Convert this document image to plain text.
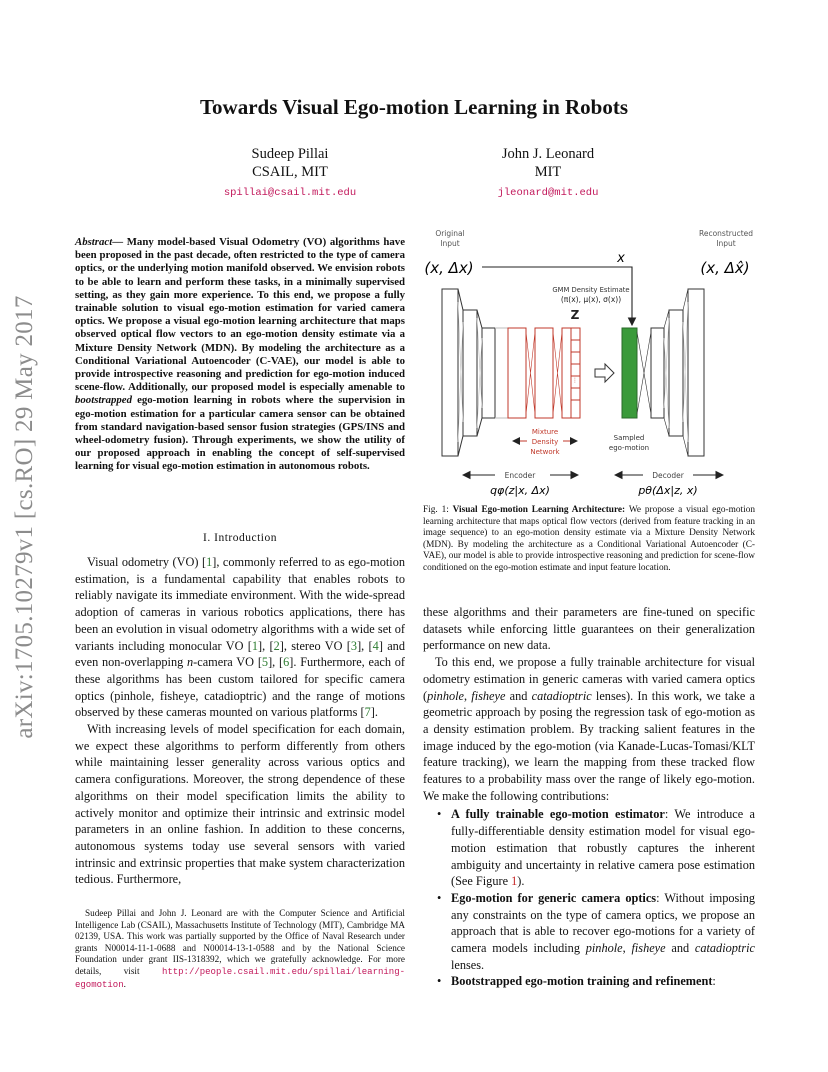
Towards Visual Ego-motion Learning in Robots
Sudeep Pillai
CSAIL, MIT
spillai@csail.mit.edu
John J. Leonard
MIT
jleonard@mit.edu
arXiv:1705.10279v1 [cs.RO] 29 May 2017
Abstract— Many model-based Visual Odometry (VO) algorithms have been proposed in the past decade, often restricted to the type of camera optics, or the underlying motion manifold observed. We envision robots to be able to learn and perform these tasks, in a minimally supervised setting, as they gain more experience. To this end, we propose a fully trainable solution to visual ego-motion estimation for varied camera optics. We propose a visual ego-motion learning architecture that maps observed optical flow vectors to an ego-motion density estimate via a Mixture Density Network (MDN). By modeling the architecture as a Conditional Variational Autoencoder (C-VAE), our model is able to provide introspective reasoning and prediction for ego-motion induced scene-flow. Additionally, our proposed model is especially amenable to bootstrapped ego-motion learning in robots where the supervision in ego-motion estimation for a particular camera sensor can be obtained from standard navigation-based sensor fusion strategies (GPS/INS and wheel-odometry fusion). Through experiments, we show the utility of our proposed approach in enabling the concept of self-supervised learning for visual ego-motion estimation in autonomous robots.
I. Introduction

Visual odometry (VO) [1], commonly referred to as ego-motion estimation, is a fundamental capability that enables robots to reliably navigate its immediate environment. With the wide-spread adoption of cameras in various robotics applications, there has been an evolution in visual odometry algorithms with a wide set of variants including monocular VO [1], [2], stereo VO [3], [4] and even non-overlapping n-camera VO [5], [6]. Furthermore, each of these algorithms has been custom tailored for specific camera optics (pinhole, fisheye, catadioptric) and the range of motions observed by these cameras mounted on various platforms [7].

With increasing levels of model specification for each domain, we expect these algorithms to perform differently from others while maintaining lesser generality across various optics and camera configurations. Moreover, the strong dependence of these algorithms on their model specification limits the ability to actively monitor and optimize their intrinsic and extrinsic model parameters in an online fashion. In addition to these concerns, autonomous systems today use several sensors with varied intrinsic and extrinsic properties that make system characterization tedious. Furthermore,

Sudeep Pillai and John J. Leonard are with the Computer Science and Artificial Intelligence Lab (CSAIL), Massachusetts Institute of Technology (MIT), Cambridge MA 02139, USA. This work was partially supported by the Office of Naval Research under grants N00014-11-1-0688 and N00014-13-1-0588 and by the National Science Foundation under grant IIS-1318392, which we gratefully acknowledge. For more details, visit http://people.csail.mit.edu/spillai/learning-egomotion.

Original
Input
Reconstructed
Input
(x, Δx)	(x, Δx̂)
x
GMM Density Estimate
(π(x), μ(x), σ(x))
Z
⋮
Mixture
Density
Network
Sampled
ego-motion
Encoder	Decoder
qφ(z|x, Δx)	pθ(Δx|z, x)
Fig. 1: Visual Ego-motion Learning Architecture: We propose a visual ego-motion learning architecture that maps optical flow vectors (derived from feature tracking in an image sequence) to an ego-motion density estimate via a Mixture Density Network (MDN). By modeling the architecture as a Conditional Variational Autoencoder (C-VAE), our model is able to provide introspective reasoning and prediction for scene-flow conditioned on the ego-motion estimate and input feature location.

these algorithms and their parameters are fine-tuned on specific datasets while enforcing little guarantees on their generalization performance on new data.

To this end, we propose a fully trainable architecture for visual odometry estimation in generic cameras with varied camera optics (pinhole, fisheye and catadioptric lenses). In this work, we take a geometric approach by posing the regression task of ego-motion as a density estimation problem. By tracking salient features in the image induced by the ego-motion (via Kanade-Lucas-Tomasi/KLT feature tracking), we learn the mapping from these tracked flow features to a probability mass over the range of likely ego-motion. We make the following contributions:

• A fully trainable ego-motion estimator: We introduce a fully-differentiable density estimation model for visual ego-motion estimation that robustly captures the inherent ambiguity and uncertainty in relative camera pose estimation (See Figure 1).
• Ego-motion for generic camera optics: Without imposing any constraints on the type of camera optics, we propose an approach that is able to recover ego-motions for a variety of camera models including pinhole, fisheye and catadioptric lenses.
• Bootstrapped ego-motion training and refinement:
